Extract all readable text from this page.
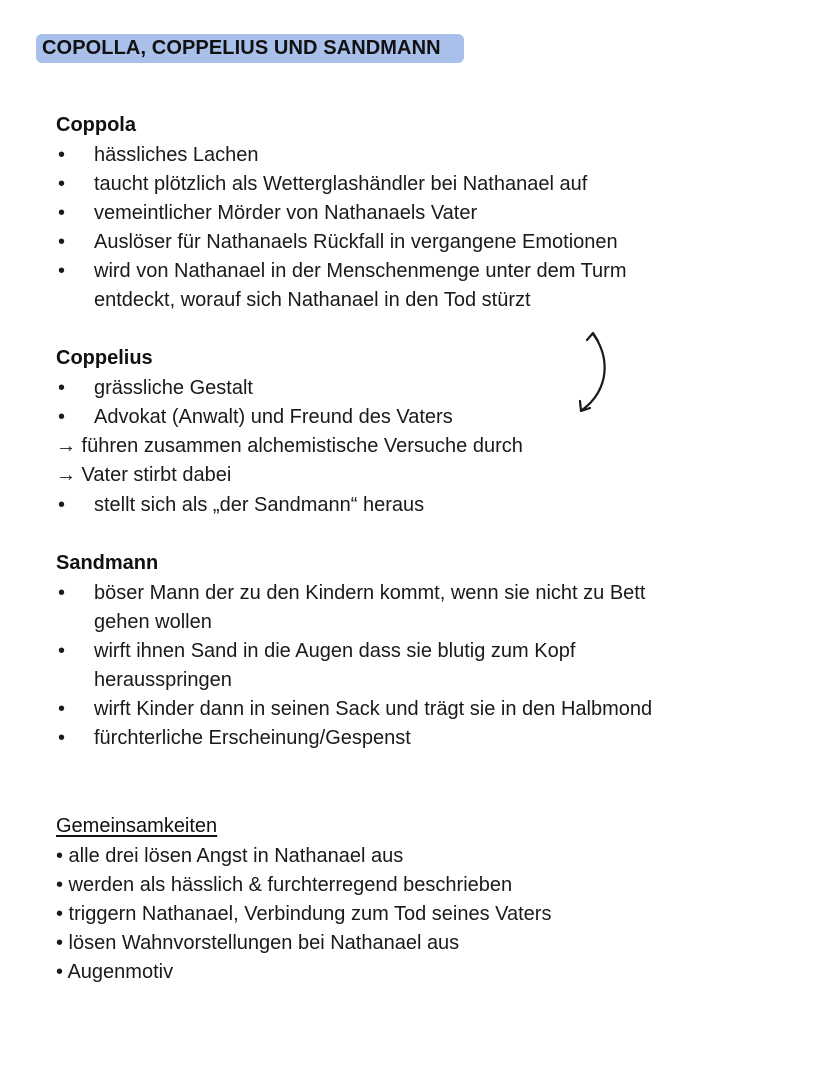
COPOLLA, COPPELIUS UND SANDMANN
Coppola
• hässliches Lachen
• taucht plötzlich als Wetterglashändler bei Nathanael auf
• vemeintlicher Mörder von Nathanaels Vater
• Auslöser für Nathanaels Rückfall in vergangene Emotionen
• wird von Nathanael in der Menschenmenge unter dem Turm
entdeckt, worauf sich Nathanael in den Tod stürzt
Coppelius
• grässliche Gestalt
• Advokat (Anwalt) und Freund des Vaters
→ führen zusammen alchemistische Versuche durch
→ Vater stirbt dabei
• stellt sich als „der Sandmann“ heraus
Sandmann
• böser Mann der zu den Kindern kommt, wenn sie nicht zu Bett
gehen wollen
• wirft ihnen Sand in die Augen dass sie blutig zum Kopf
herausspringen
• wirft Kinder dann in seinen Sack und trägt sie in den Halbmond
• fürchterliche Erscheinung/Gespenst
Gemeinsamkeiten
• alle drei lösen Angst in Nathanael aus
• werden als hässlich & furchterregend beschrieben
• triggern Nathanael, Verbindung zum Tod seines Vaters
• lösen Wahnvorstellungen bei Nathanael aus
• Augenmotiv
